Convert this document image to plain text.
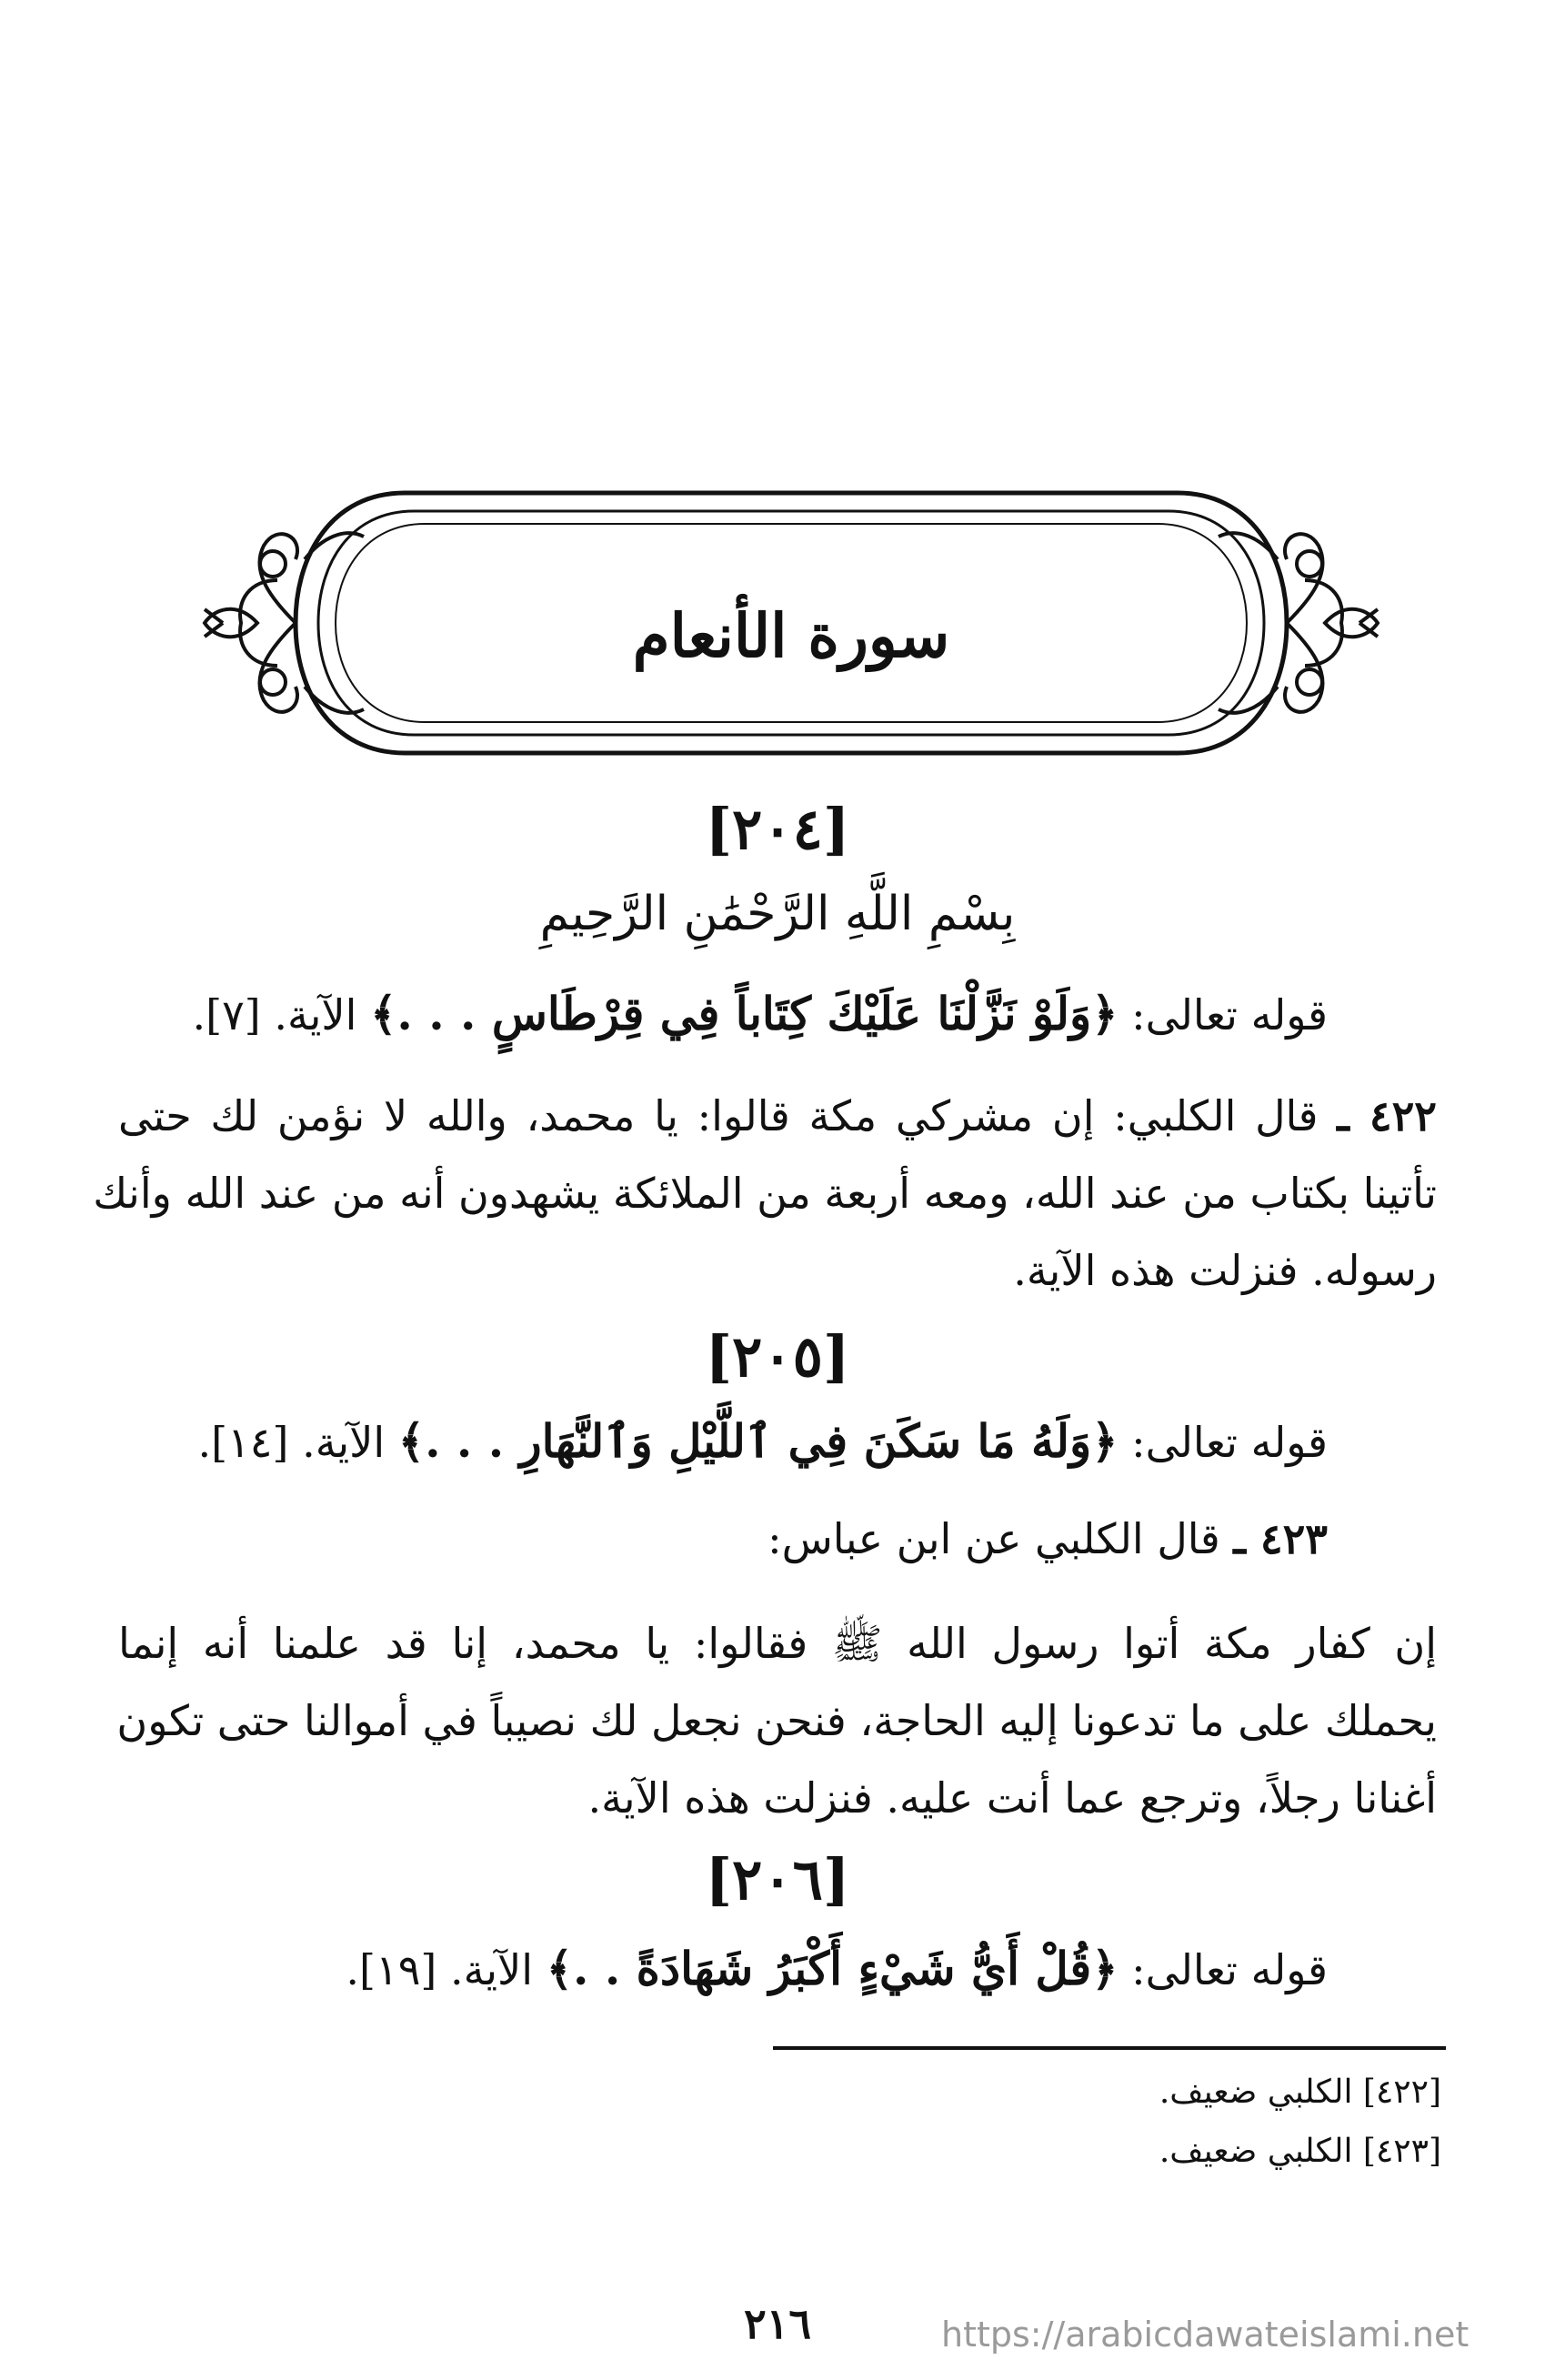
سورة الأنعام
[٢٠٤]
بِسْمِ اللَّهِ الرَّحْمَٰنِ الرَّحِيمِ
قوله تعالى: ﴿وَلَوْ نَزَّلْنَا عَلَيْكَ كِتَاباً فِي قِرْطَاسٍ . . .﴾ الآية. [٧].
٤٢٢ ـ قال الكلبي: إن مشركي مكة قالوا: يا محمد، والله لا نؤمن لك حتى
تأتينا بكتاب من عند الله، ومعه أربعة من الملائكة يشهدون أنه من عند الله وأنك
رسوله. فنزلت هذه الآية.
[٢٠٥]
قوله تعالى: ﴿وَلَهُ مَا سَكَنَ فِي ٱللَّيْلِ وَٱلنَّهَارِ . . .﴾ الآية. [١٤].
٤٢٣ ـ قال الكلبي عن ابن عباس:
إن كفار مكة أتوا رسول الله ﷺ فقالوا: يا محمد، إنا قد علمنا أنه إنما
يحملك على ما تدعونا إليه الحاجة، فنحن نجعل لك نصيباً في أموالنا حتى تكون
أغنانا رجلاً، وترجع عما أنت عليه. فنزلت هذه الآية.
[٢٠٦]
قوله تعالى: ﴿قُلْ أَيُّ شَيْءٍ أَكْبَرُ شَهَادَةً . .﴾ الآية. [١٩].
[٤٢٢] الكلبي ضعيف.
[٤٢٣] الكلبي ضعيف.
٢١٦	https://arabicdawateislami.net
